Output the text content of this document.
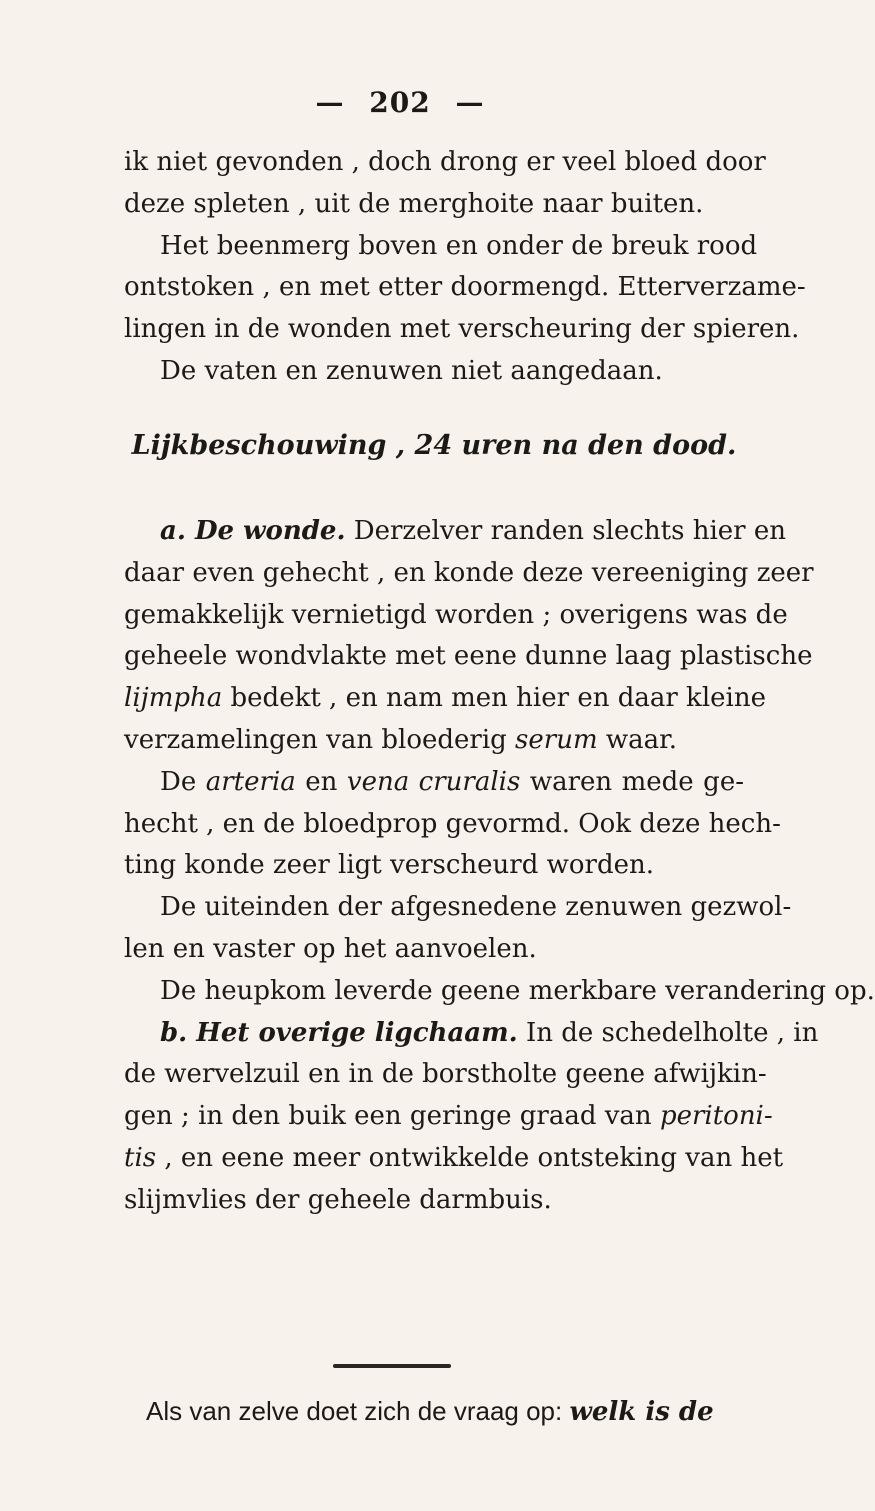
— 202 —
ik niet gevonden , doch drong er veel bloed door
deze spleten , uit de merghoite naar buiten.
Het beenmerg boven en onder de breuk rood
ontstoken , en met etter doormengd. Etterverzame-
lingen in de wonden met verscheuring der spieren.
De vaten en zenuwen niet aangedaan.
Lijkbeschouwing , 24 uren na den dood.
a. De wonde. Derzelver randen slechts hier en
daar even gehecht , en konde deze vereeniging zeer
gemakkelijk vernietigd worden ; overigens was de
geheele wondvlakte met eene dunne laag plastische
lijmpha bedekt , en nam men hier en daar kleine
verzamelingen van bloederig serum waar.
De arteria en vena cruralis waren mede ge-
hecht , en de bloedprop gevormd. Ook deze hech-
ting konde zeer ligt verscheurd worden.
De uiteinden der afgesnedene zenuwen gezwol-
len en vaster op het aanvoelen.
De heupkom leverde geene merkbare verandering op.
b. Het overige ligchaam. In de schedelholte , in
de wervelzuil en in de borstholte geene afwijkin-
gen ; in den buik een geringe graad van peritoni-
tis , en eene meer ontwikkelde ontsteking van het
slijmvlies der geheele darmbuis.
Als van zelve doet zich de vraag op: welk is de
